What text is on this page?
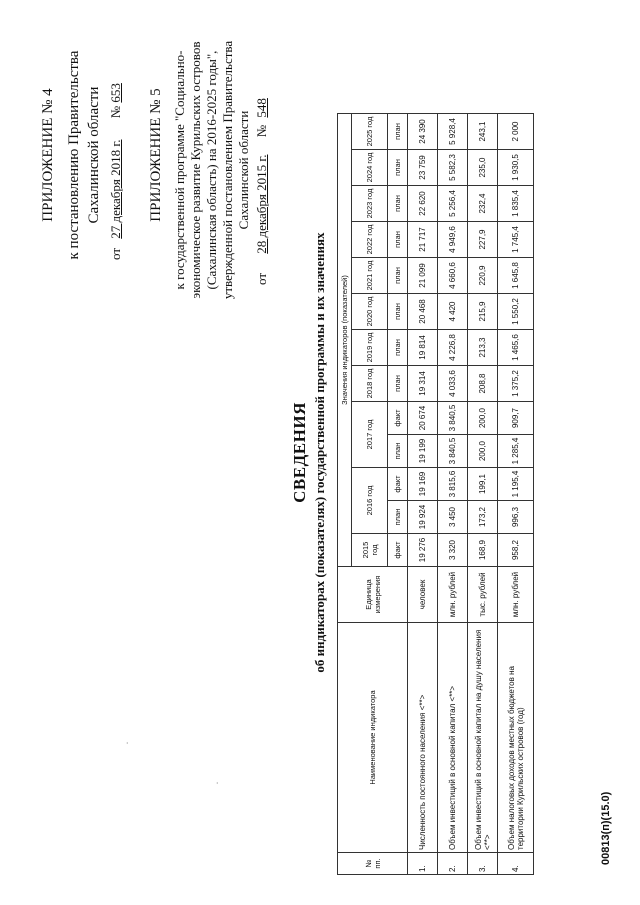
ПРИЛОЖЕНИЕ № 4 к постановлению Правительства Сахалинской области
от 27 декабря 2018 г. № 653 ПРИЛОЖЕНИЕ № 5 к государственной программе "Социально- экономическое развитие Курильских островов (Сахалинская область) на 2016-2025 годы", утвержденной постановлением Правительства Сахалинской области
от 28 декабря 2015 г. № 548
СВЕДЕНИЯ об индикаторах (показателях) государственной программы и их значениях
№ пп.	Наименование индикатора	Единица измерения	Значения индикаторов (показателей)												
			2015 год	2016 год		2017 год		2018 год	2019 год	2020 год	2021 год	2022 год	2023 год	2024 год	2025 год
			факт	план	факт	план	факт	план	план	план	план	план	план	план	план
1.	Численность постоянного населения <**>	человек	19 276	19 924	19 169	19 199	20 674	19 314	19 814	20 468	21 099	21 717	22 620	23 759	24 390
2.	Объем инвестиций в основной капитал <**>	млн. рублей	3 320	3 450	3 815,6	3 840,5	3 840,5	4 033,6	4 226,8	4 420	4 660,6	4 949,6	5 256,4	5 582,3	5 928,4
3.	Объем инвестиций в основной капитал на душу населения <**>	тыс. рублей	168,9	173,2	199,1	200,0	200,0	208,8	213,3	215,9	220,9	227,9	232,4	235,0	243,1
4.	Объем налоговых доходов местных бюджетов на территории Курильских островов (год)	млн. рублей	958,2	996,3	1 195,4	1 285,4	909,7	1 375,2	1 465,6	1 550,2	1 645,8	1 745,4	1 835,4	1 930,5	2 000
00813(п)(15.0)
·
·
